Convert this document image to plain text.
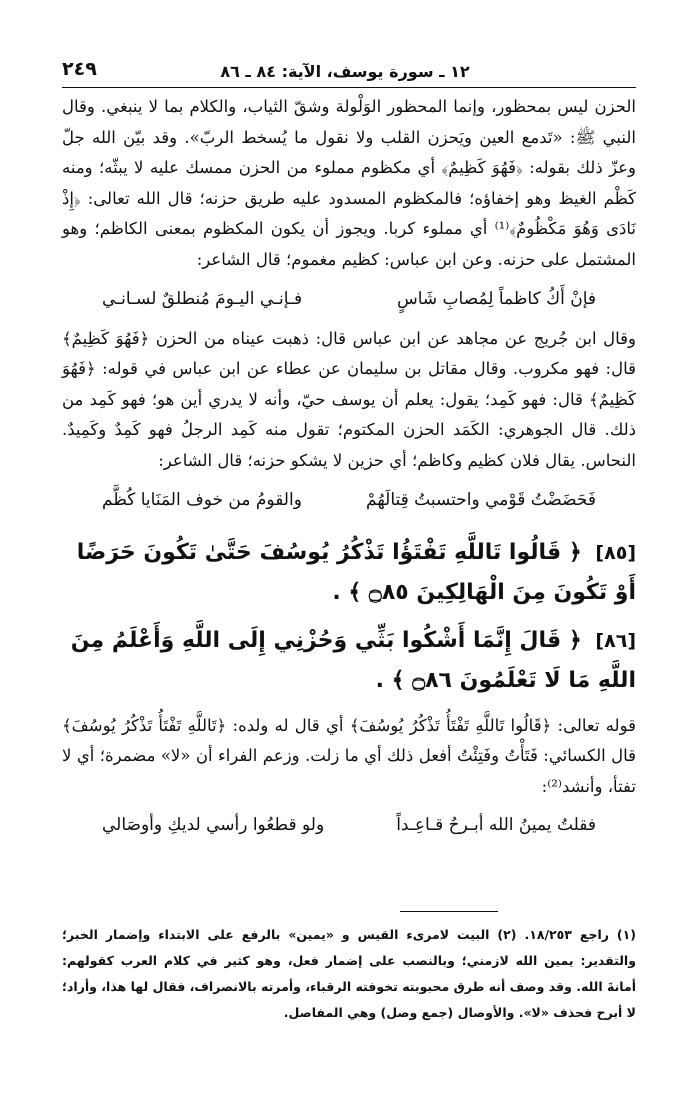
١٢ ـ سورة يوسف، الآية: ٨٤ ـ ٨٦
٢٤٩

الحزن ليس بمحظور، وإنما المحظور الوَلْولة وشقّ الثياب، والكلام بما لا ينبغي. وقال النبي ﷺ: «تَدمع العين ويَحزن القلب ولا نقول ما يُسخط الربّ». وقد بيّن الله جلّ وعزّ ذلك بقوله: ﴿فَهُوَ كَظِيمٌ﴾ أي مكظوم مملوء من الحزن ممسك عليه لا يبثّه؛ ومنه كَظْم الغيظ وهو إخفاؤه؛ فالمكظوم المسدود عليه طريق حزنه؛ قال الله تعالى: ﴿إِذْ نَادَى وَهُوَ مَكْظُومٌ﴾⁽¹⁾ أي مملوء كربا. ويجوز أن يكون المكظوم بمعنى الكاظم؛ وهو المشتمل على حزنه. وعن ابن عباس: كظيم مغموم؛ قال الشاعر:

فإنْ أَكُ كاظماً لِمُصابِ شَاسٍ
فـإنـي اليـومَ مُنطلقٌ لسـانـي

وقال ابن جُريج عن مجاهد عن ابن عباس قال: ذهبت عيناه من الحزن ﴿فَهُوَ كَظِيمٌ﴾ قال: فهو مكروب. وقال مقاتل بن سليمان عن عطاء عن ابن عباس في قوله: ﴿فَهُوَ كَظِيمٌ﴾ قال: فهو كَمِد؛ يقول: يعلم أن يوسف حيّ، وأنه لا يدري أين هو؛ فهو كَمِد من ذلك. قال الجوهري: الكَمَد الحزن المكتوم؛ تقول منه كَمِد الرجلُ فهو كَمِدٌ وكَمِيدٌ. النحاس. يقال فلان كظيم وكاظم؛ أي حزين لا يشكو حزنه؛ قال الشاعر:

فَحَضَضْتُ قَوْمي واحتسبتُ قِتالَهُمْ
والقومُ من خوف المَنَايا كُظَّم
[٨٥] ﴿ قَالُوا تَاللَّهِ تَفْتَؤُا تَذْكُرُ يُوسُفَ حَتَّىٰ تَكُونَ حَرَضًا أَوْ تَكُونَ مِنَ الْهَالِكِينَ ۝٨٥ ﴾ .
[٨٦] ﴿ قَالَ إِنَّمَا أَشْكُوا بَثِّي وَحُزْنِي إِلَى اللَّهِ وَأَعْلَمُ مِنَ اللَّهِ مَا لَا تَعْلَمُونَ ۝٨٦ ﴾ .

قوله تعالى: ﴿قَالُوا تَاللَّهِ تَفْتَأُ تَذْكُرُ يُوسُفَ﴾ أي قال له ولده: ﴿تَاللَّهِ تَفْتَأُ تَذْكُرُ يُوسُفَ﴾ قال الكسائي: فَتَأْتُ وفَتِئْتُ أفعل ذلك أي ما زلت. وزعم الفراء أن «لا» مضمرة؛ أي لا تفتأ، وأنشد⁽²⁾:

فقلتُ يمينُ الله أبـرحُ قـاعِـداً
ولو قطعُوا رأسي لديكِ وأوصَالي

(١) راجع ١٨/٢٥٣. (٢) البيت لامرىء القيس و «يمين» بالرفع على الابتداء وإضمار الخبر؛ والتقدير: يمين الله لازمني؛ وبالنصب على إضمار فعل، وهو كثير في كلام العرب كقولهم: أمانةَ الله. وقد وصف أنه طرق محبوبته تخوفته الرقباء، وأمرته بالانصراف، فقال لها هذا، وأراد؛ لا أبرح فحذف «لا». والأوصال (جمع وصل) وهي المفاصل.
